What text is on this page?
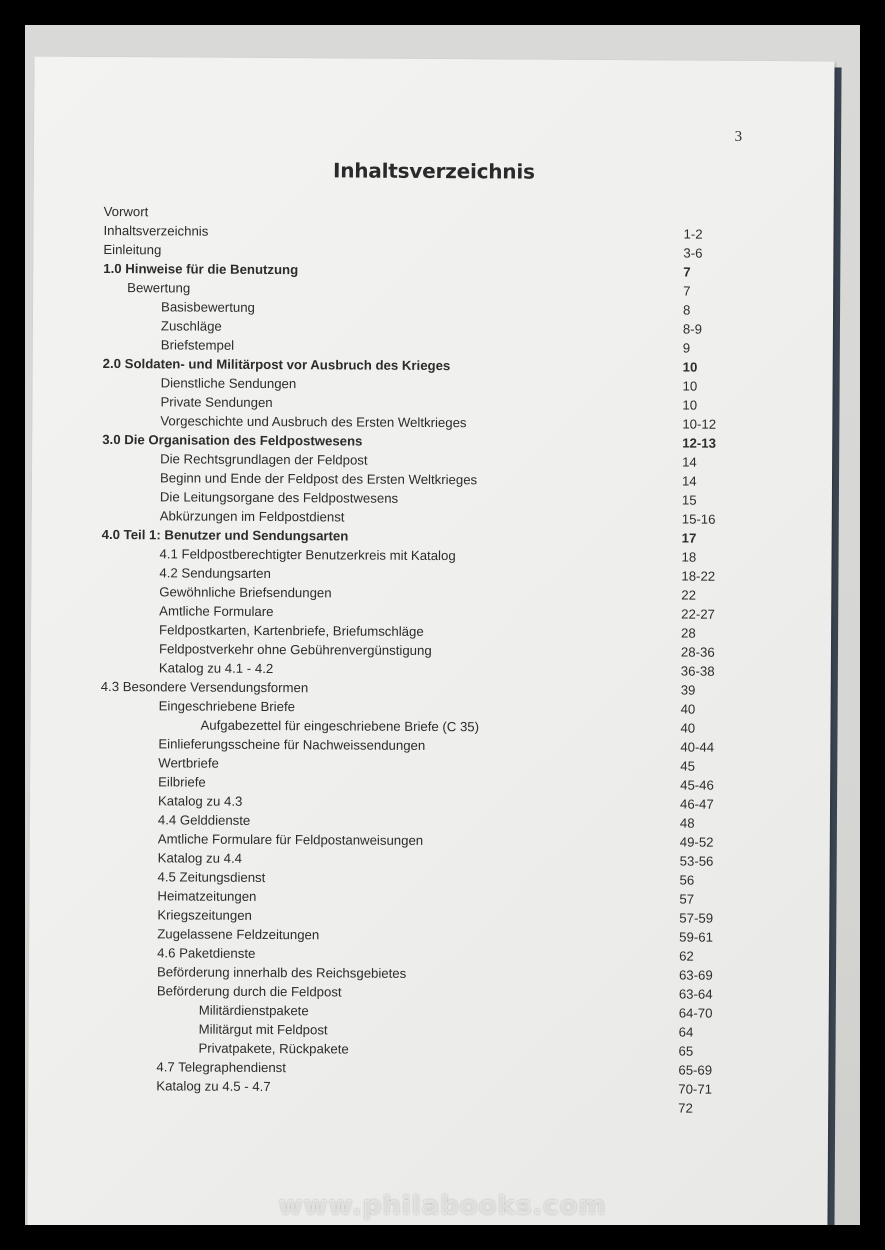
3
Inhaltsverzeichnis
Vorwort
Inhaltsverzeichnis	1-2
Einleitung	3-6
1.0 Hinweise für die Benutzung	7
Bewertung	7
Basisbewertung	8
Zuschläge	8-9
Briefstempel	9
2.0 Soldaten- und Militärpost vor Ausbruch des Krieges	10
Dienstliche Sendungen	10
Private Sendungen	10
Vorgeschichte und Ausbruch des Ersten Weltkrieges	10-12
3.0 Die Organisation des Feldpostwesens	12-13
Die Rechtsgrundlagen der Feldpost	14
Beginn und Ende der Feldpost des Ersten Weltkrieges	14
Die Leitungsorgane des Feldpostwesens	15
Abkürzungen im Feldpostdienst	15-16
4.0 Teil 1: Benutzer und Sendungsarten	17
4.1 Feldpostberechtigter Benutzerkreis mit Katalog	18
4.2 Sendungsarten	18-22
Gewöhnliche Briefsendungen	22
Amtliche Formulare	22-27
Feldpostkarten, Kartenbriefe, Briefumschläge	28
Feldpostverkehr ohne Gebührenvergünstigung	28-36
Katalog zu 4.1 - 4.2	36-38
4.3 Besondere Versendungsformen	39
Eingeschriebene Briefe	40
Aufgabezettel für eingeschriebene Briefe (C 35)	40
Einlieferungsscheine für Nachweissendungen	40-44
Wertbriefe	45
Eilbriefe	45-46
Katalog zu 4.3	46-47
4.4 Gelddienste	48
Amtliche Formulare für Feldpostanweisungen	49-52
Katalog zu 4.4	53-56
4.5 Zeitungsdienst	56
Heimatzeitungen	57
Kriegszeitungen	57-59
Zugelassene Feldzeitungen	59-61
4.6 Paketdienste	62
Beförderung innerhalb des Reichsgebietes	63-69
Beförderung durch die Feldpost	63-64
Militärdienstpakete	64-70
Militärgut mit Feldpost	64
Privatpakete, Rückpakete	65
4.7 Telegraphendienst	65-69
Katalog zu 4.5 - 4.7	70-71
72
www.philabooks.com
